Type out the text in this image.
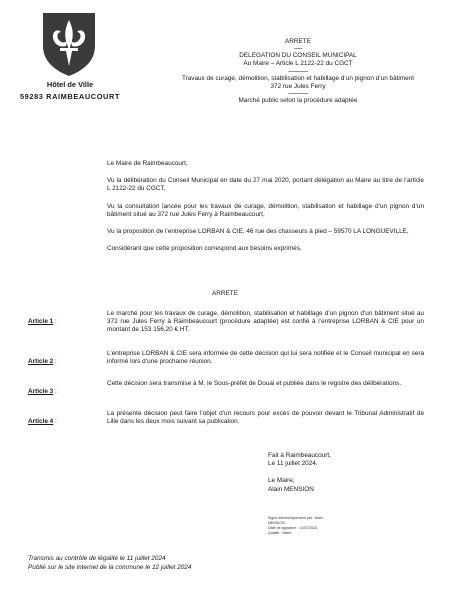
Hôtel de Ville
59283 RAIMBEAUCOURT
ARRETE
-----
DELEGATION DU CONSEIL MUNICIPAL
Au Maire – Article L 2122-22 du CGCT
------------
Travaux de curage, démolition, stabilisation et habillage d’un pignon d’un bâtiment
372 rue Jules Ferry
------------
Marché public selon la procédure adaptée
Le Maire de Raimbeaucourt,
Vu la délibération du Conseil Municipal en date du 27 mai 2020, portant délégation au Maire au titre de l’article L 2122-22 du CGCT,
Vu la consultation lancée pour les travaux de curage, démolition, stabilisation et habillage d’un pignon d’un bâtiment situé au 372 rue Jules Ferry à Raimbeaucourt,
Vu la proposition de l’entreprise LORBAN & CIE, 46 rue des chasseurs à pied – 59570 LA LONGUEVILLE,
Considérant que cette proposition correspond aux besoins exprimés,
ARRETE
Article 1 :
Le marché pour les travaux de curage, démolition, stabilisation et habillage d’un pignon d’un bâtiment situé au 372 rue Jules Ferry à Raimbeaucourt (procédure adaptée) est confié à l’entreprise LORBAN & CIE pour un montant de 153 156,20 € HT.
Article 2 :
L’entreprise LORBAN & CIE sera informée de cette décision qui lui sera notifiée et le Conseil municipal en sera informé lors d’une prochaine réunion.
Article 3 :
Cette décision sera transmise à M. le Sous-préfet de Douai et publiée dans le registre des délibérations.
Article 4 :
La présente décision peut faire l’objet d’un recours pour excès de pouvoir devant le Tribunal Administratif de Lille dans les deux mois suivant sa publication.
Fait à Raimbeaucourt,
Le 11 juillet 2024.
Le Maire,
Alain MENSION
Signé électroniquement par : Alain
MENSION
Date de signature : 11/07/2024
Qualité : Maire
Transmis au contrôle de légalité le 11 juillet 2024
Publié sur le site internet de la commune le 12 juillet 2024
